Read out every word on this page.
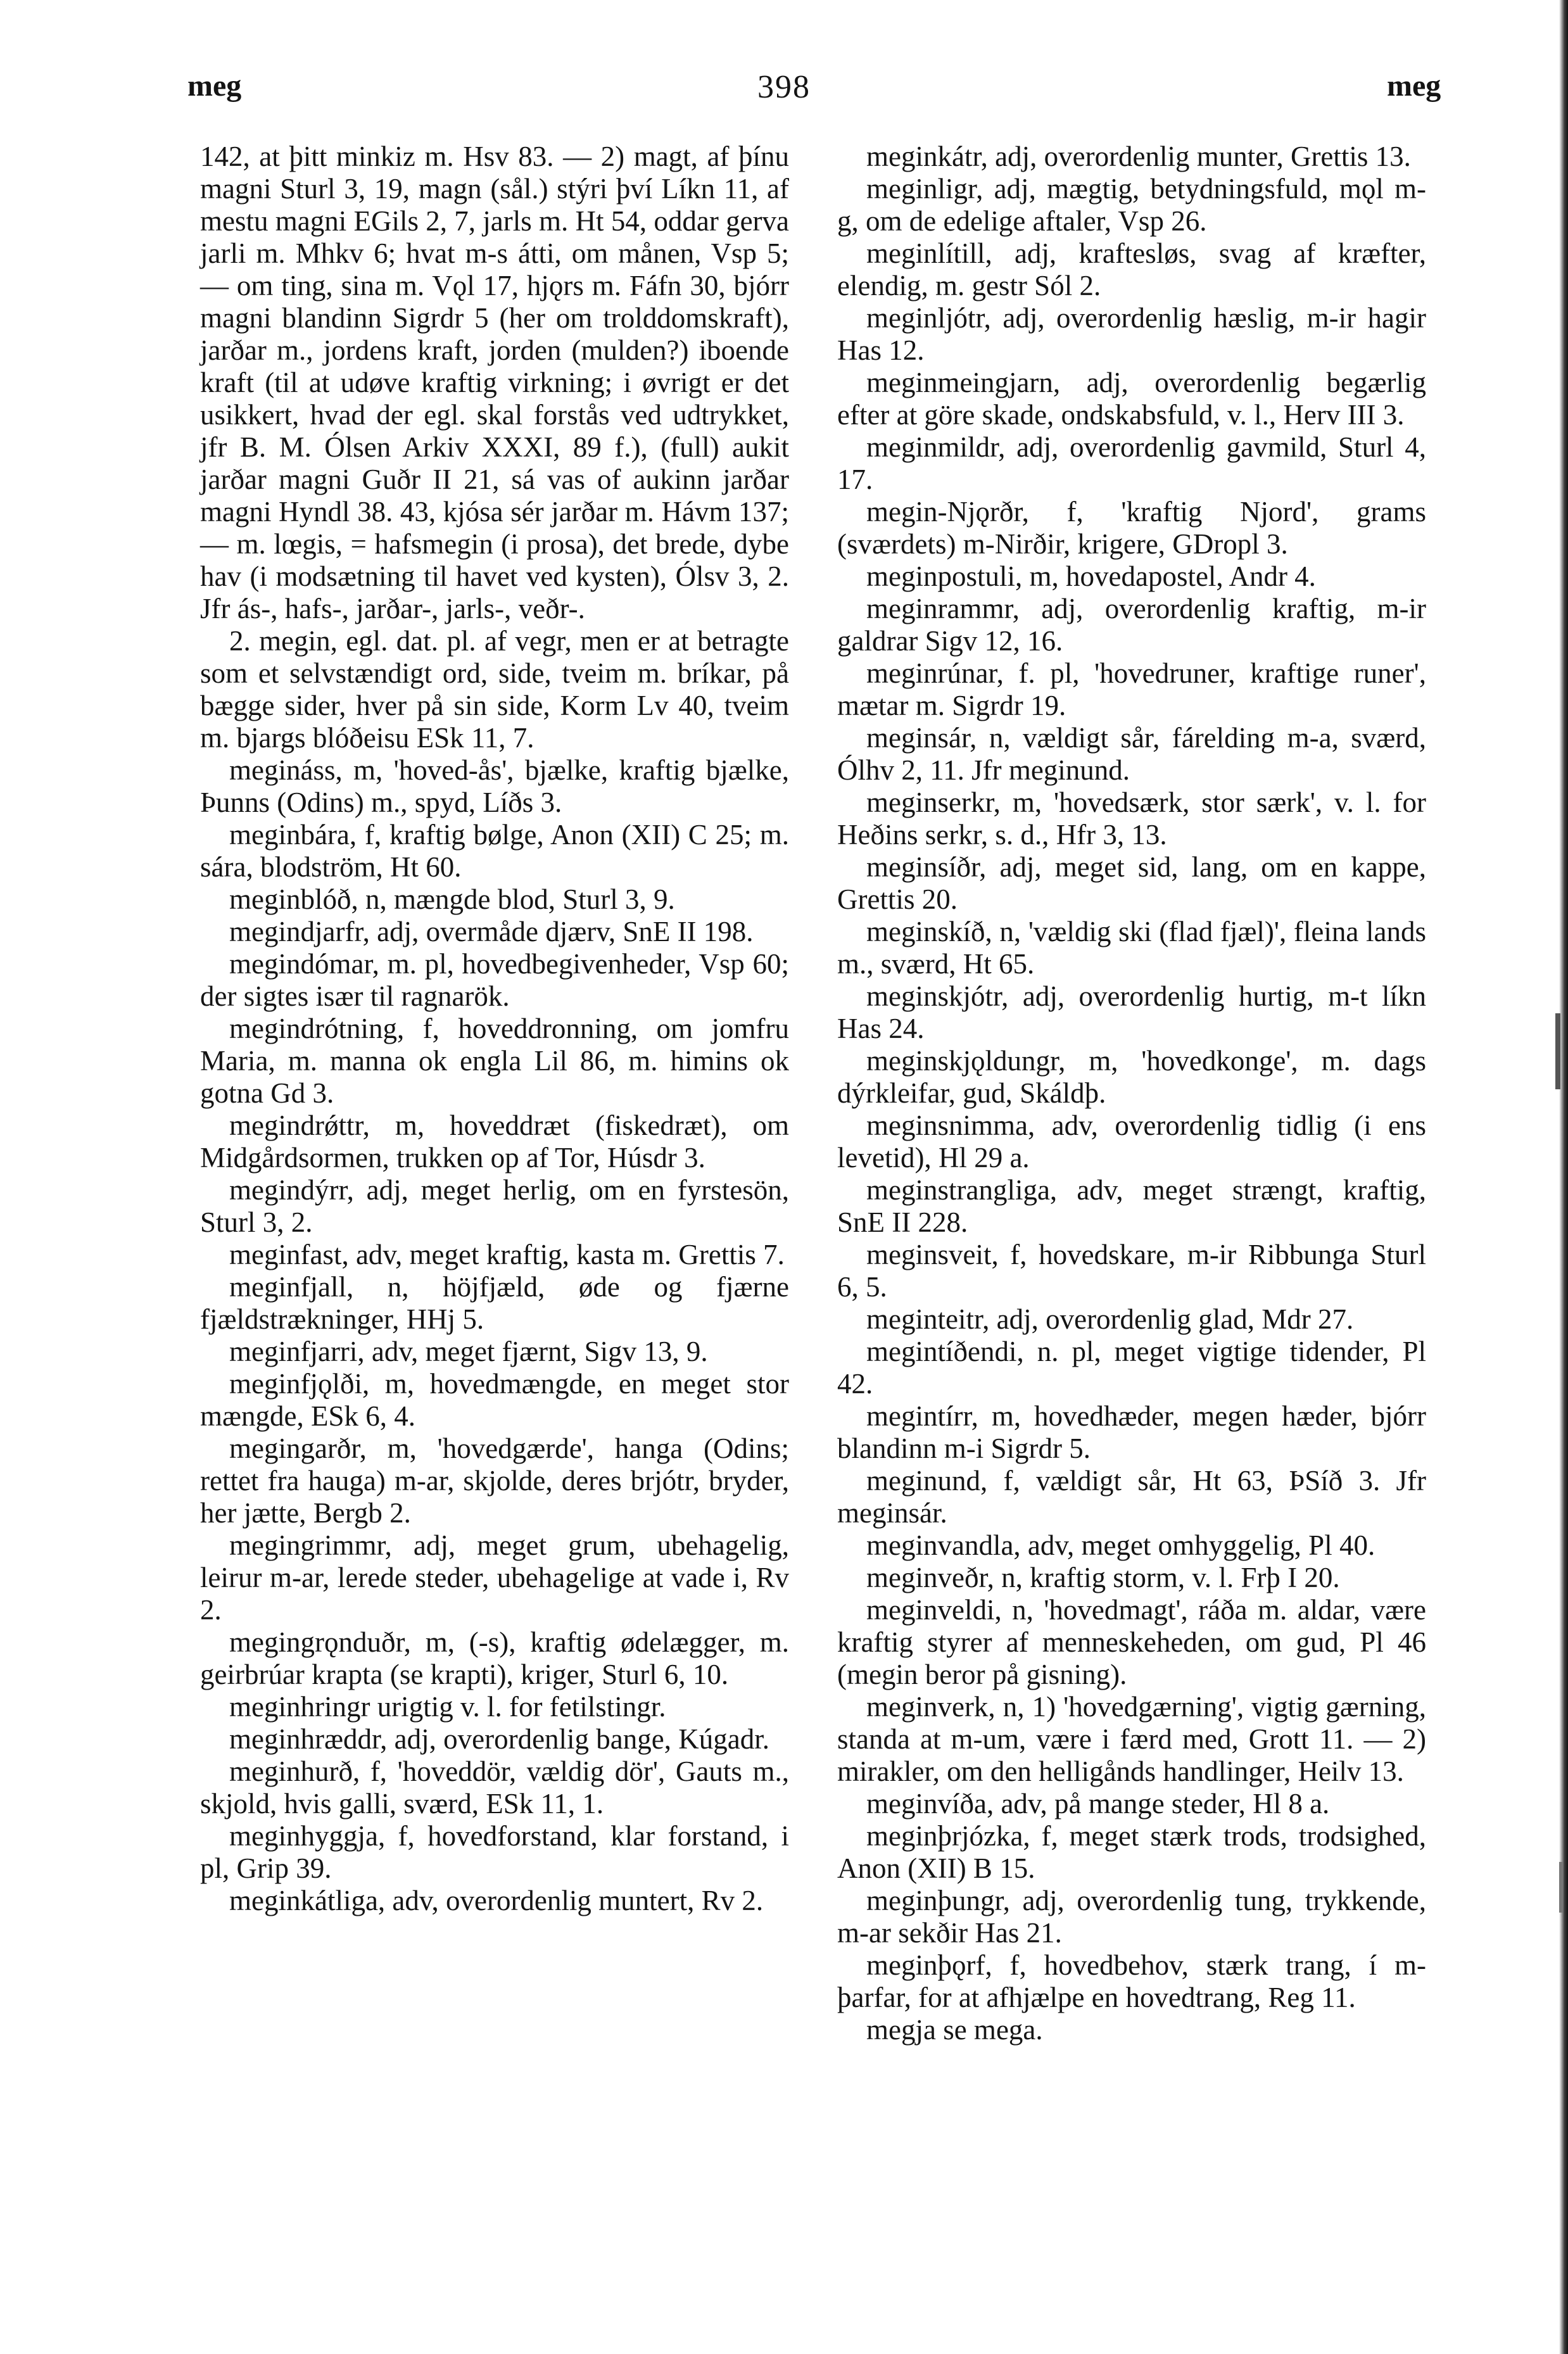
meg	398	meg

142, at þitt minkiz m. Hsv 83. — 2) magt, af þínu magni Sturl 3, 19, magn (sål.) stýri því Líkn 11, af mestu magni EGils 2, 7, jarls m. Ht 54, oddar gerva jarli m. Mhkv 6; hvat m-s átti, om månen, Vsp 5; — om ting, sina m. Vǫl 17, hjǫrs m. Fáfn 30, bjórr magni blandinn Sigrdr 5 (her om trolddomskraft), jarðar m., jordens kraft, jorden (mulden?) iboende kraft (til at udøve kraftig virkning; i øvrigt er det usikkert, hvad der egl. skal forstås ved udtrykket, jfr B. M. Ólsen Arkiv XXXI, 89 f.), (full) aukit jarðar magni Guðr II 21, sá vas of aukinn jarðar magni Hyndl 38. 43, kjósa sér jarðar m. Hávm 137; — m. lœgis, = hafsmegin (i prosa), det brede, dybe hav (i modsætning til havet ved kysten), Ólsv 3, 2. Jfr ás-, hafs-, jarðar-, jarls-, veðr-.

2. megin, egl. dat. pl. af vegr, men er at betragte som et selvstændigt ord, side, tveim m. bríkar, på bægge sider, hver på sin side, Korm Lv 40, tveim m. bjargs blóðeisu ESk 11, 7.

megináss, m, 'hoved-ås', bjælke, kraftig bjælke, Þunns (Odins) m., spyd, Líðs 3.

meginbára, f, kraftig bølge, Anon (XII) C 25; m. sára, blodström, Ht 60.

meginblóð, n, mængde blod, Sturl 3, 9.

megindjarfr, adj, overmåde djærv, SnE II 198.

megindómar, m. pl, hovedbegivenheder, Vsp 60; der sigtes især til ragnarök.

megindrótning, f, hoveddronning, om jomfru Maria, m. manna ok engla Lil 86, m. himins ok gotna Gd 3.

megindrǿttr, m, hoveddræt (fiskedræt), om Midgårdsormen, trukken op af Tor, Húsdr 3.

megindýrr, adj, meget herlig, om en fyrstesön, Sturl 3, 2.

meginfast, adv, meget kraftig, kasta m. Grettis 7.

meginfjall, n, höjfjæld, øde og fjærne fjældstrækninger, HHj 5.

meginfjarri, adv, meget fjærnt, Sigv 13, 9.

meginfjǫlði, m, hovedmængde, en meget stor mængde, ESk 6, 4.

megingarðr, m, 'hovedgærde', hanga (Odins; rettet fra hauga) m-ar, skjolde, deres brjótr, bryder, her jætte, Bergb 2.

megingrimmr, adj, meget grum, ubehagelig, leirur m-ar, lerede steder, ubehagelige at vade i, Rv 2.

megingrǫnduðr, m, (-s), kraftig ødelægger, m. geirbrúar krapta (se krapti), kriger, Sturl 6, 10.

meginhringr urigtig v. l. for fetilstingr.

meginhræddr, adj, overordenlig bange, Kúgadr.

meginhurð, f, 'hoveddör, vældig dör', Gauts m., skjold, hvis galli, sværd, ESk 11, 1.

meginhyggja, f, hovedforstand, klar forstand, i pl, Grip 39.

meginkátliga, adv, overordenlig muntert, Rv 2.

meginkátr, adj, overordenlig munter, Grettis 13.

meginligr, adj, mægtig, betydningsfuld, mǫl m-g, om de edelige aftaler, Vsp 26.

meginlítill, adj, kraftesløs, svag af kræfter, elendig, m. gestr Sól 2.

meginljótr, adj, overordenlig hæslig, m-ir hagir Has 12.

meginmeingjarn, adj, overordenlig begærlig efter at göre skade, ondskabsfuld, v. l., Herv III 3.

meginmildr, adj, overordenlig gavmild, Sturl 4, 17.

megin-Njǫrðr, f, 'kraftig Njord', grams (sværdets) m-Nirðir, krigere, GDropl 3.

meginpostuli, m, hovedapostel, Andr 4.

meginrammr, adj, overordenlig kraftig, m-ir galdrar Sigv 12, 16.

meginrúnar, f. pl, 'hovedruner, kraftige runer', mætar m. Sigrdr 19.

meginsár, n, vældigt sår, fárelding m-a, sværd, Ólhv 2, 11. Jfr meginund.

meginserkr, m, 'hovedsærk, stor særk', v. l. for Heðins serkr, s. d., Hfr 3, 13.

meginsíðr, adj, meget sid, lang, om en kappe, Grettis 20.

meginskíð, n, 'vældig ski (flad fjæl)', fleina lands m., sværd, Ht 65.

meginskjótr, adj, overordenlig hurtig, m-t líkn Has 24.

meginskjǫldungr, m, 'hovedkonge', m. dags dýrkleifar, gud, Skáldþ.

meginsnimma, adv, overordenlig tidlig (i ens levetid), Hl 29 a.

meginstrangliga, adv, meget strængt, kraftig, SnE II 228.

meginsveit, f, hovedskare, m-ir Ribbunga Sturl 6, 5.

meginteitr, adj, overordenlig glad, Mdr 27.

megintíðendi, n. pl, meget vigtige tidender, Pl 42.

megintírr, m, hovedhæder, megen hæder, bjórr blandinn m-i Sigrdr 5.

meginund, f, vældigt sår, Ht 63, ÞSíð 3. Jfr meginsár.

meginvandla, adv, meget omhyggelig, Pl 40.

meginveðr, n, kraftig storm, v. l. Frþ I 20.

meginveldi, n, 'hovedmagt', ráða m. aldar, være kraftig styrer af menneskeheden, om gud, Pl 46 (megin beror på gisning).

meginverk, n, 1) 'hovedgærning', vigtig gærning, standa at m-um, være i færd med, Grott 11. — 2) mirakler, om den helligånds handlinger, Heilv 13.

meginvíða, adv, på mange steder, Hl 8 a.

meginþrjózka, f, meget stærk trods, trodsighed, Anon (XII) B 15.

meginþungr, adj, overordenlig tung, trykkende, m-ar sekðir Has 21.

meginþǫrf, f, hovedbehov, stærk trang, í m-þarfar, for at afhjælpe en hovedtrang, Reg 11.

megja se mega.
